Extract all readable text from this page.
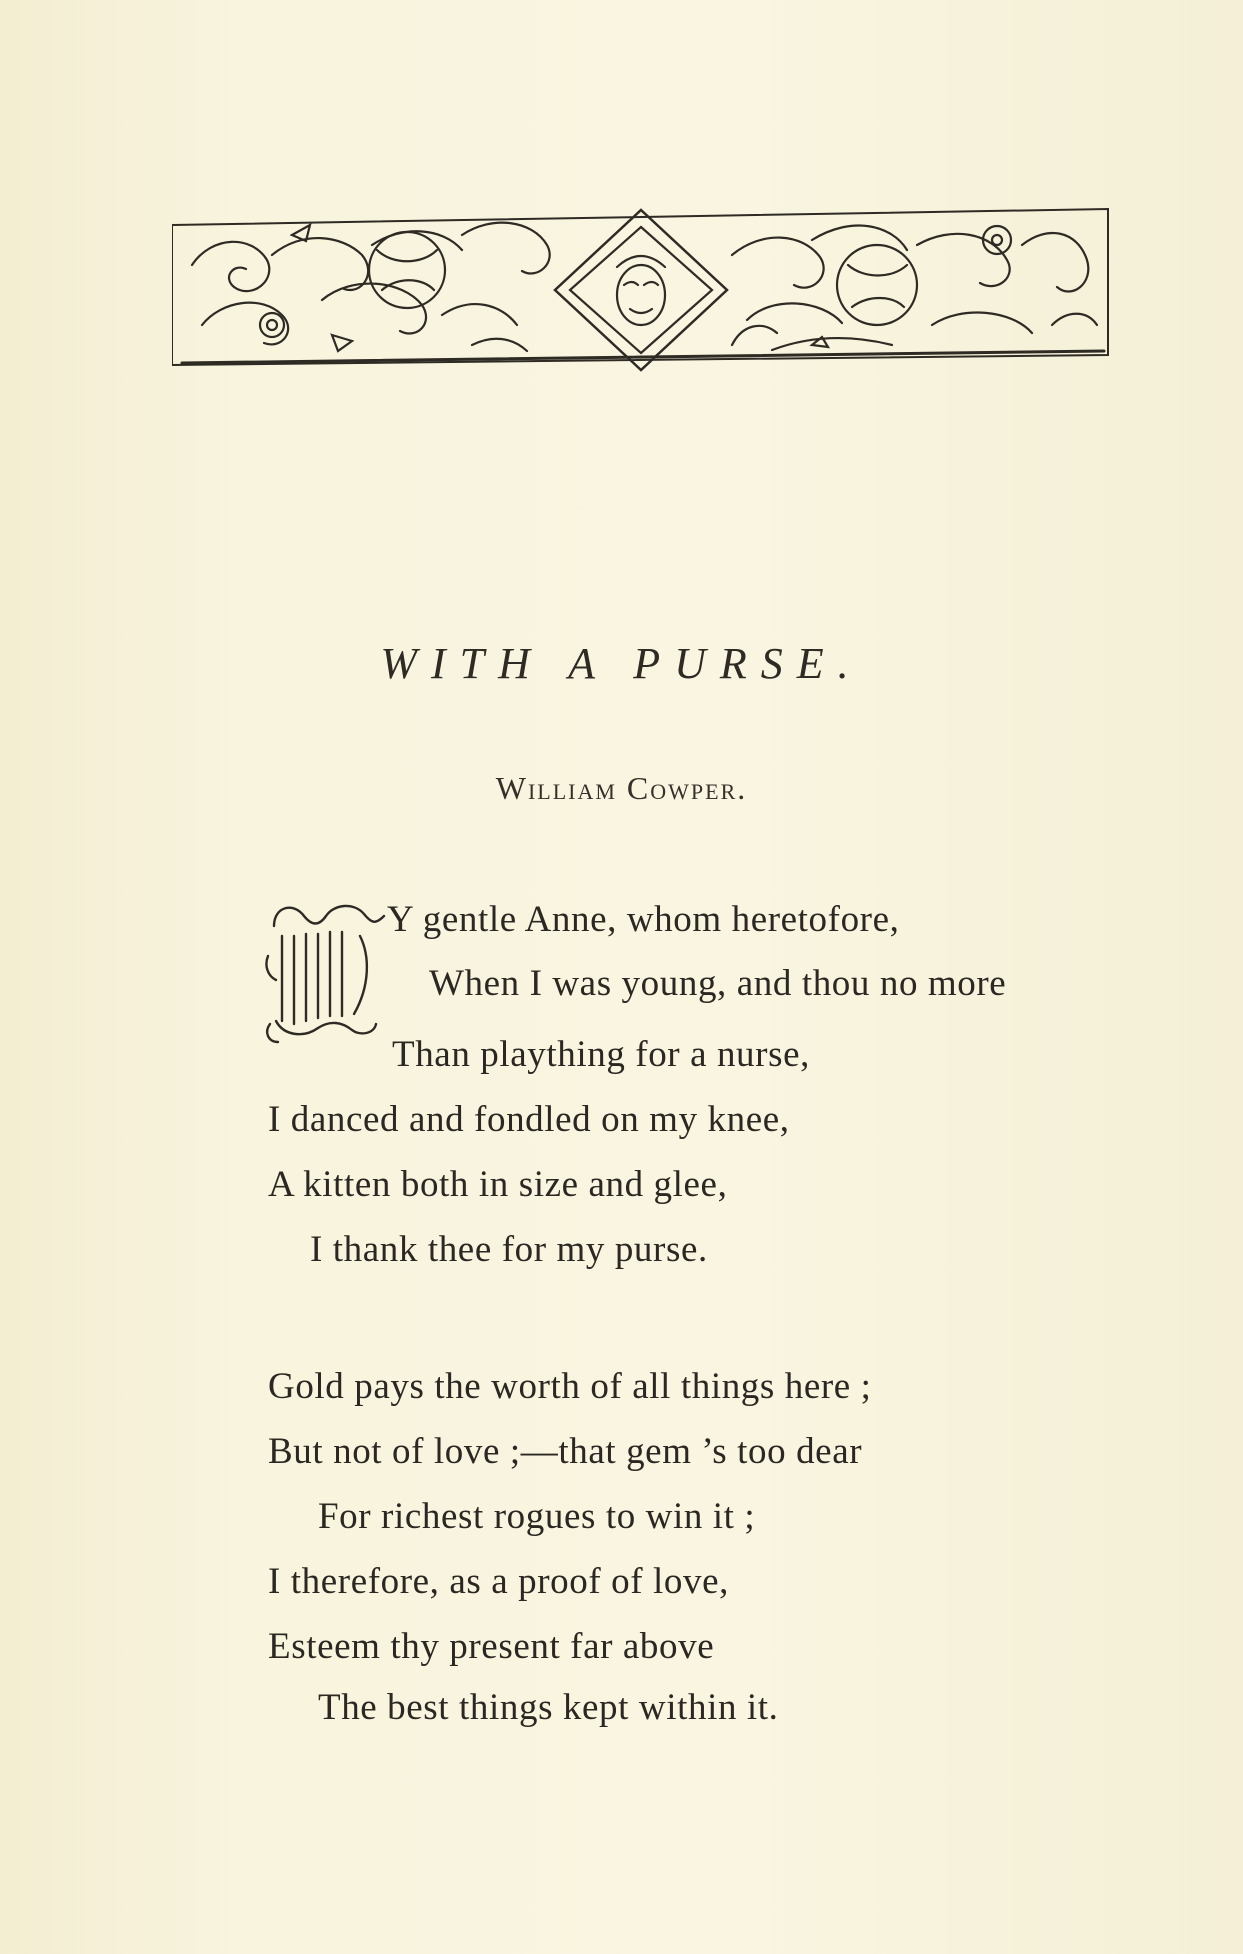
WITH A PURSE.
William Cowper.
Y gentle Anne, whom heretofore,
When I was young, and thou no more
Than plaything for a nurse,
I danced and fondled on my knee,
A kitten both in size and glee,
I thank thee for my purse.
Gold pays the worth of all things here ;
But not of love ;—that gem ’s too dear
For richest rogues to win it ;
I therefore, as a proof of love,
Esteem thy present far above
The best things kept within it.
